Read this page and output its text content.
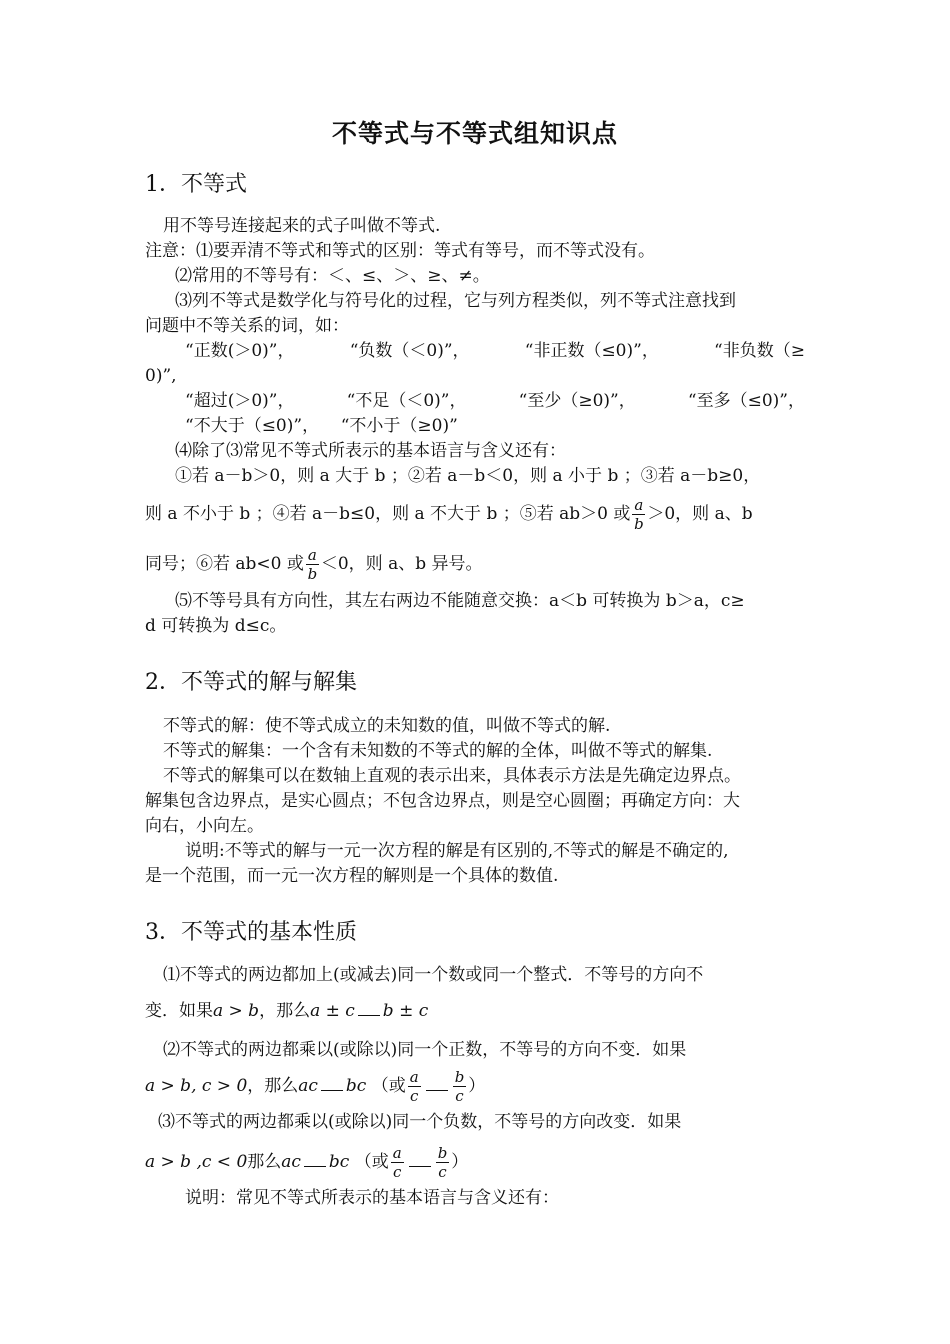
不等式与不等式组知识点
1．不等式
用不等号连接起来的式子叫做不等式.
注意：⑴要弄清不等式和等式的区别：等式有等号，而不等式没有。
⑵常用的不等号有：＜、≤、＞、≥、≠。
⑶列不等式是数学化与符号化的过程，它与列方程类似，列不等式注意找到
问题中不等关系的词，如：
“正数(＞0)”，	“负数（＜0)”，	“非正数（≤0)”，	“非负数（≥
0)”,
“超过(＞0)”，	“不足（＜0)”，	“至少（≥0)”，	“至多（≤0)”，
“不大于（≤0)”， “不小于（≥0)”
⑷除了⑶常见不等式所表示的基本语言与含义还有：
①若 a－b＞0，则 a 大于 b ；②若 a－b＜0，则 a 小于 b ；③若 a－b≥0，
则 a 不小于 b ；④若 a－b≤0，则 a 不大于 b ；⑤若 ab＞0 或 $\frac{a}{b} >0$，则 a、b
同号；⑥若 ab<0 或 $\frac{a}{b} <0$，则 a、b 异号。
⑸不等号具有方向性，其左右两边不能随意交换：a＜b 可转换为 b＞a，c≥
d 可转换为 d≤c。
2．不等式的解与解集
不等式的解：使不等式成立的未知数的值，叫做不等式的解.
不等式的解集：一个含有未知数的不等式的解的全体，叫做不等式的解集.
不等式的解集可以在数轴上直观的表示出来，具体表示方法是先确定边界点。
解集包含边界点，是实心圆点；不包含边界点，则是空心圆圈；再确定方向：大
向右，小向左。
说明:不等式的解与一元一次方程的解是有区别的,不等式的解是不确定的,
是一个范围，而一元一次方程的解则是一个具体的数值.
3．不等式的基本性质
⑴不等式的两边都加上(或减去)同一个数或同一个整式．不等号的方向不
变．如果a > b，那么a ± c b ± c
⑵不等式的两边都乘以(或除以)同一个正数，不等号的方向不变．如果
a > b, c > 0，那么ac bc （或 $\frac{a}{c} \frac{b}{c}$ ）
⑶不等式的两边都乘以(或除以)同一个负数，不等号的方向改变．如果
a > b ,c < 0那么ac bc （或 $\frac{a}{c} \frac{b}{c}$ ）
说明：常见不等式所表示的基本语言与含义还有：
